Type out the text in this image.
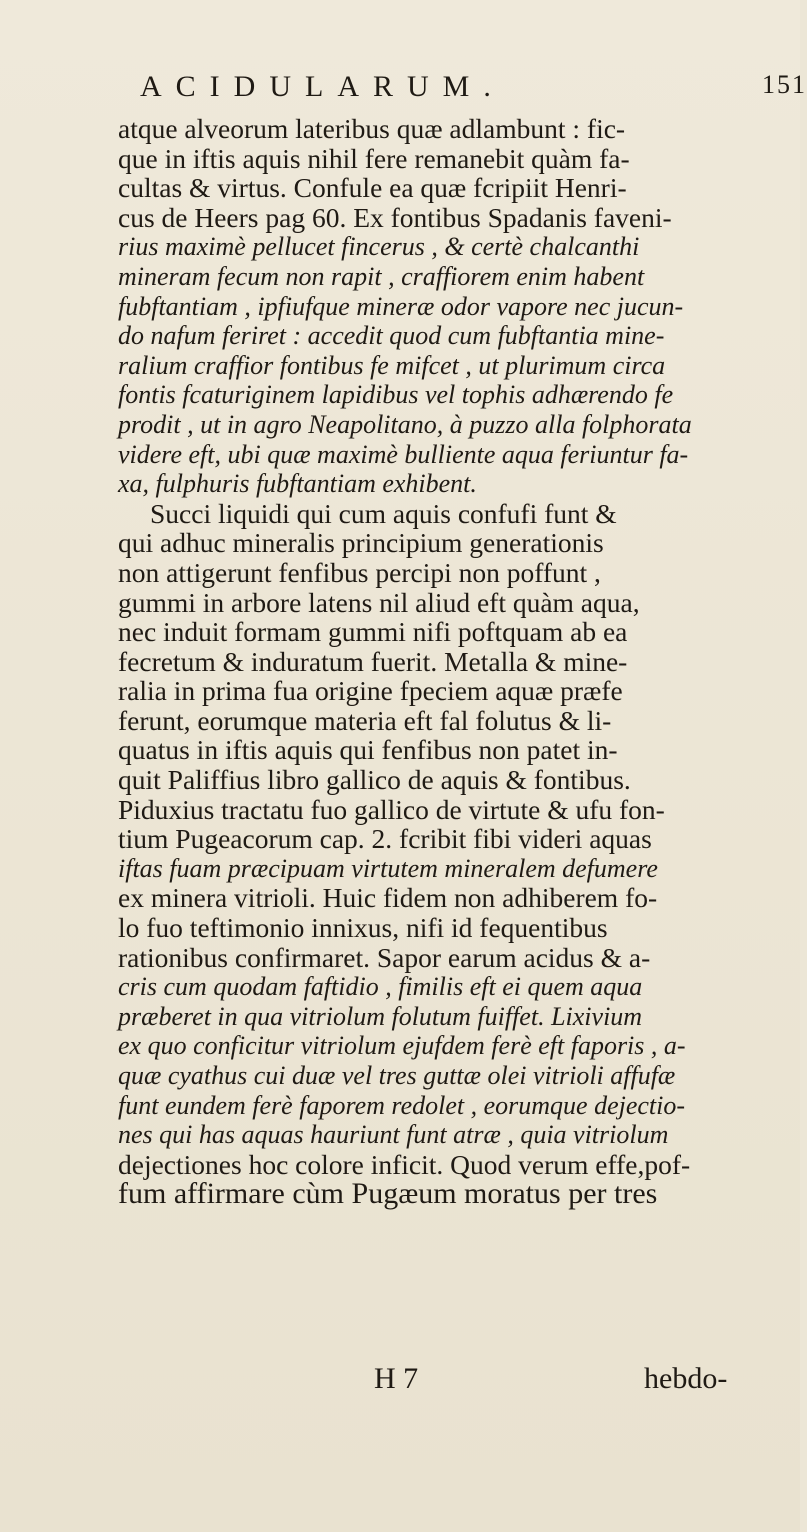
ACIDULARUM.	151
atque alveorum lateribus quæ adlambunt : fic-
que in iftis aquis nihil fere remanebit quàm fa-
cultas & virtus. Confule ea quæ fcripiit Henri-
cus de Heers pag 60. Ex fontibus Spadanis faveni-
rius maximè pellucet fincerus , & certè chalcanthi
mineram fecum non rapit , craffiorem enim habent
fubftantiam , ipfiufque mineræ odor vapore nec jucun-
do nafum feriret : accedit quod cum fubftantia mine-
ralium craffior fontibus fe mifcet , ut plurimum circa
fontis fcaturiginem lapidibus vel tophis adhærendo fe
prodit , ut in agro Neapolitano, à puzzo alla folphorata
videre eft, ubi quæ maximè bulliente aqua feriuntur fa-
xa, fulphuris fubftantiam exhibent.
Succi liquidi qui cum aquis confufi funt &
qui adhuc mineralis principium generationis
non attigerunt fenfibus percipi non poffunt ,
gummi in arbore latens nil aliud eft quàm aqua,
nec induit formam gummi nifi poftquam ab ea
fecretum & induratum fuerit. Metalla & mine-
ralia in prima fua origine fpeciem aquæ præfe
ferunt, eorumque materia eft fal folutus & li-
quatus in iftis aquis qui fenfibus non patet in-
quit Paliffius libro gallico de aquis & fontibus.
Piduxius tractatu fuo gallico de virtute & ufu fon-
tium Pugeacorum cap. 2. fcribit fibi videri aquas
iftas fuam præcipuam virtutem mineralem defumere
ex minera vitrioli. Huic fidem non adhiberem fo-
lo fuo teftimonio innixus, nifi id fequentibus
rationibus confirmaret. Sapor earum acidus & a-
cris cum quodam faftidio , fimilis eft ei quem aqua
præberet in qua vitriolum folutum fuiffet. Lixivium
ex quo conficitur vitriolum ejufdem ferè eft faporis , a-
quæ cyathus cui duæ vel tres guttæ olei vitrioli affufæ
funt eundem ferè faporem redolet , eorumque dejectio-
nes qui has aquas hauriunt funt atræ , quia vitriolum
dejectiones hoc colore inficit. Quod verum effe,pof-
fum affirmare cùm Pugæum moratus per tres
H 7	hebdo-
